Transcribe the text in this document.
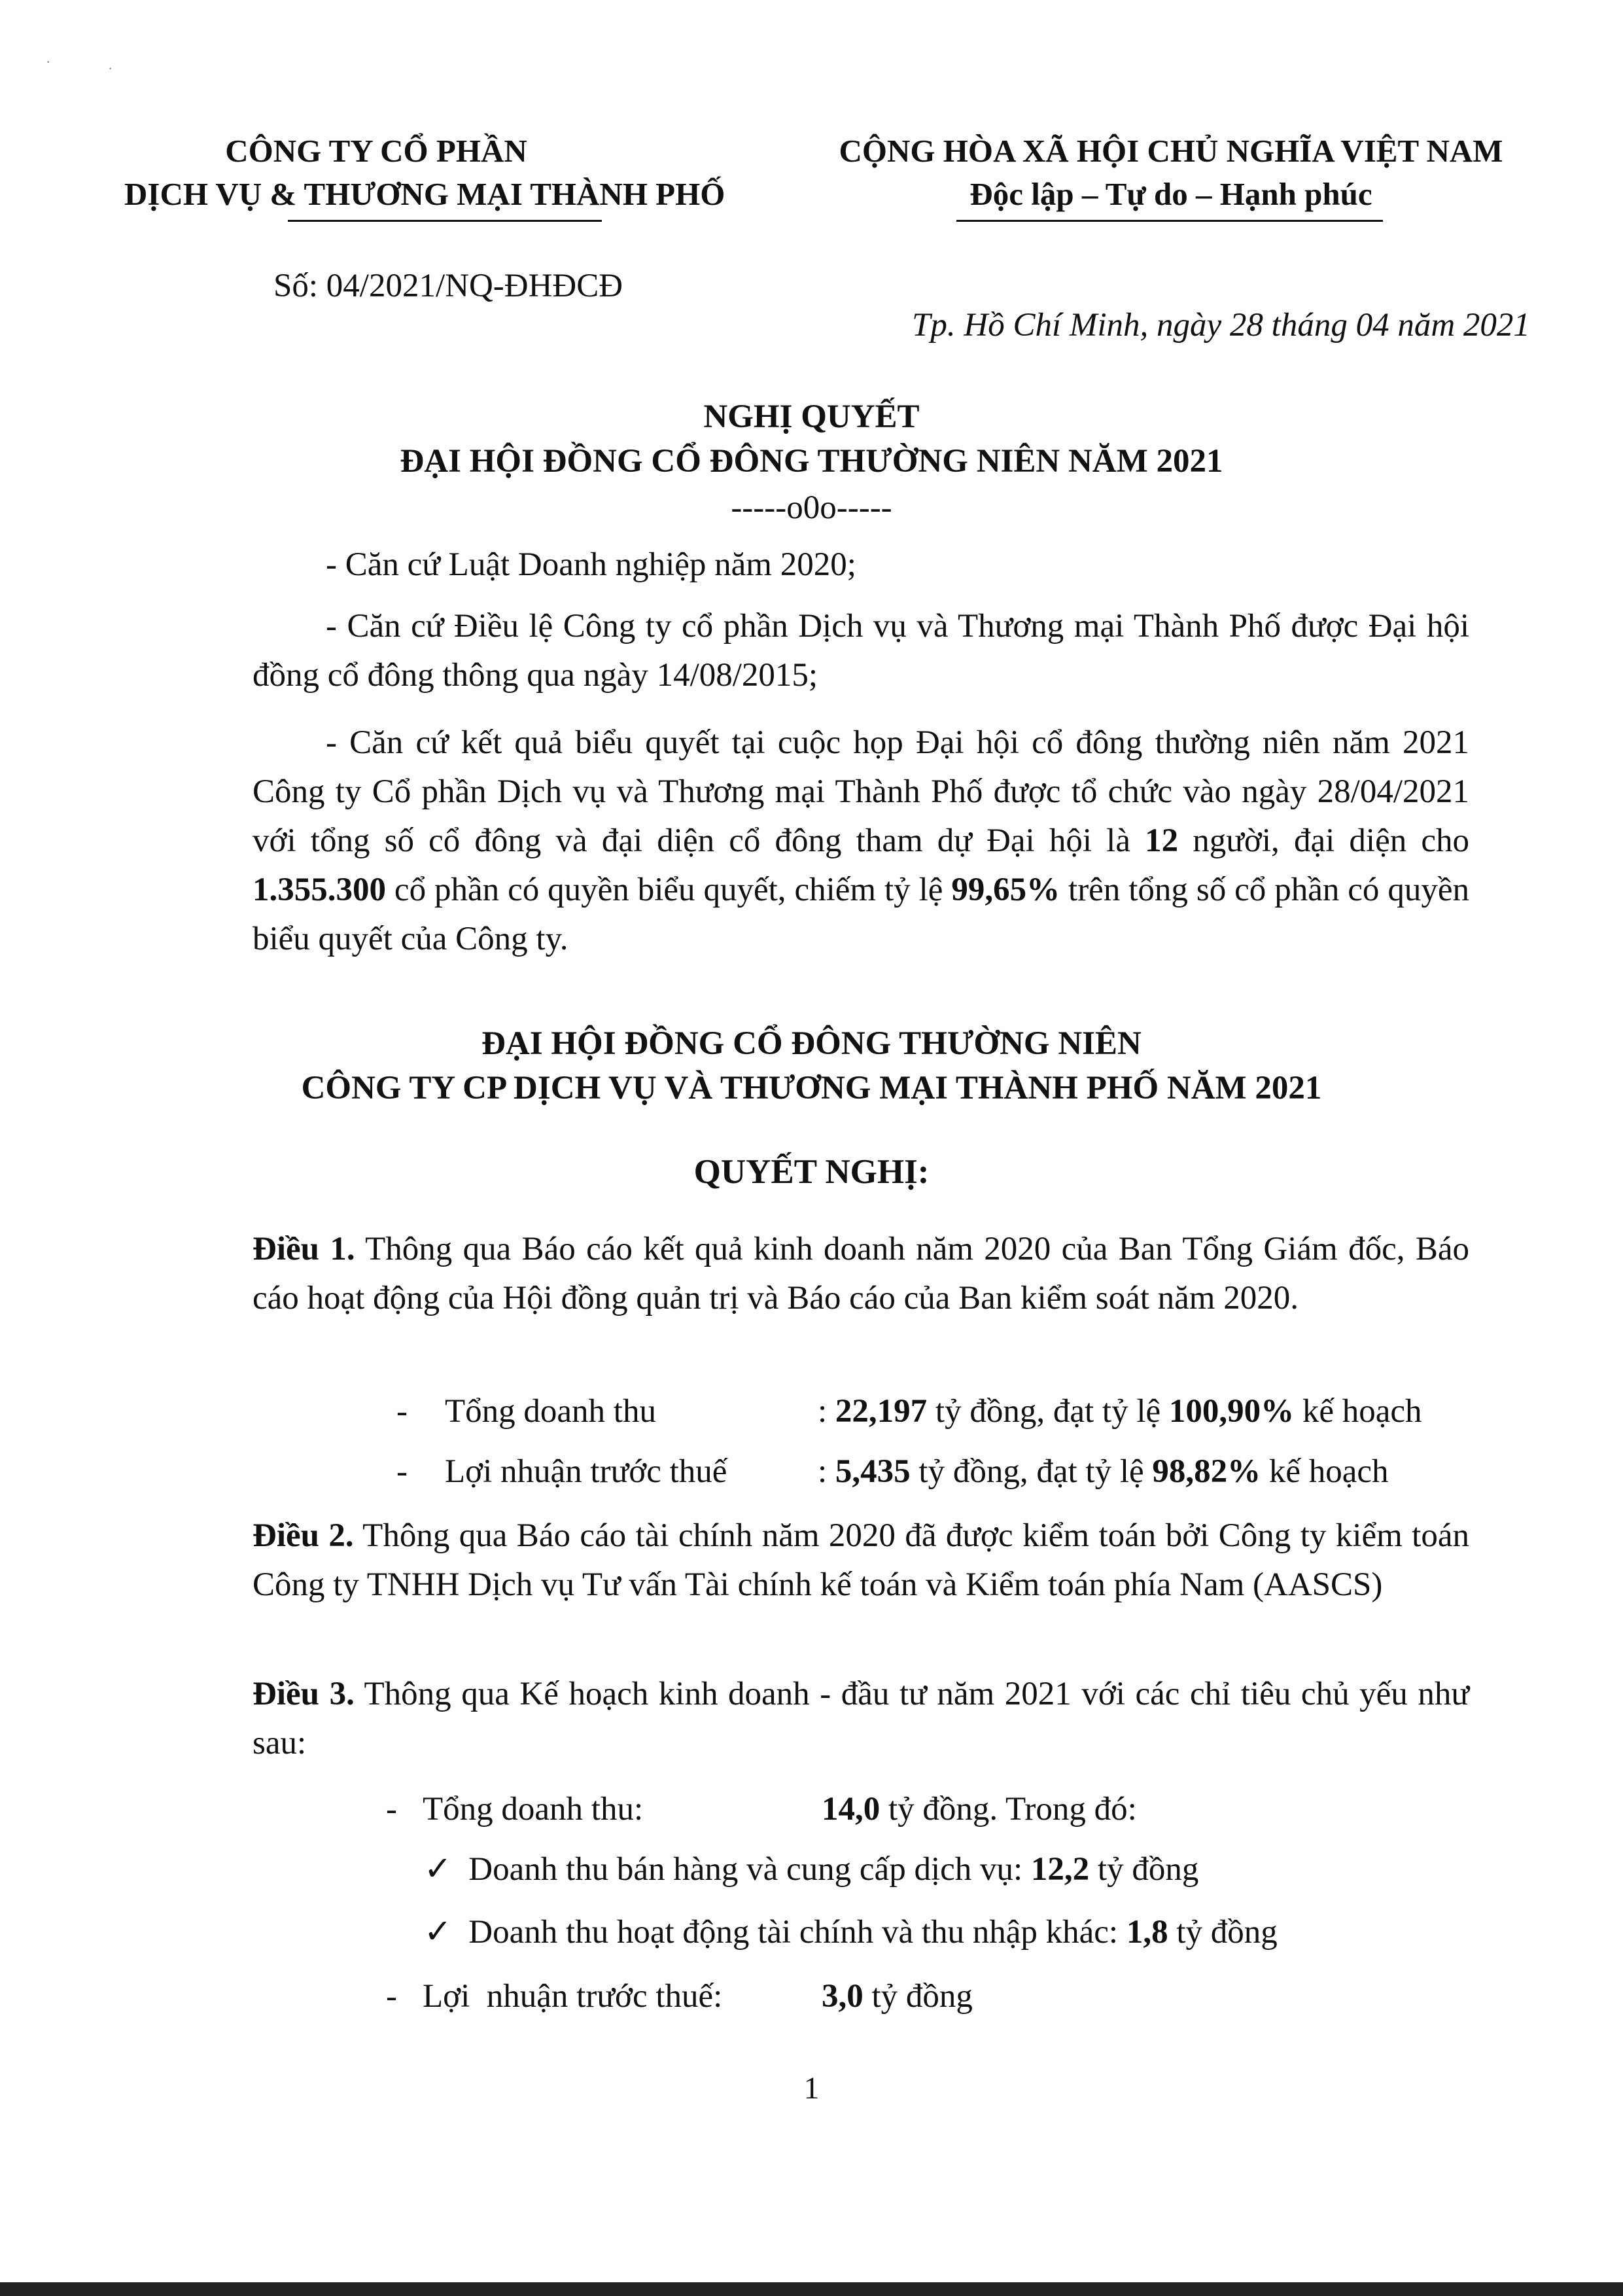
·	·
CÔNG TY CỔ PHẦN
DỊCH VỤ & THƯƠNG MẠI THÀNH PHỐ
CỘNG HÒA XÃ HỘI CHỦ NGHĨA VIỆT NAM
Độc lập – Tự do – Hạnh phúc
Số: 04/2021/NQ-ĐHĐCĐ
Tp. Hồ Chí Minh, ngày 28 tháng 04 năm 2021
NGHỊ QUYẾT
ĐẠI HỘI ĐỒNG CỔ ĐÔNG THƯỜNG NIÊN NĂM 2021
-----o0o-----
- Căn cứ Luật Doanh nghiệp năm 2020;
- Căn cứ Điều lệ Công ty cổ phần Dịch vụ và Thương mại Thành Phố được Đại hội đồng cổ đông thông qua ngày 14/08/2015;
- Căn cứ kết quả biểu quyết tại cuộc họp Đại hội cổ đông thường niên năm 2021 Công ty Cổ phần Dịch vụ và Thương mại Thành Phố được tổ chức vào ngày 28/04/2021 với tổng số cổ đông và đại diện cổ đông tham dự Đại hội là 12 người, đại diện cho 1.355.300 cổ phần có quyền biểu quyết, chiếm tỷ lệ 99,65% trên tổng số cổ phần có quyền biểu quyết của Công ty.
ĐẠI HỘI ĐỒNG CỔ ĐÔNG THƯỜNG NIÊN
CÔNG TY CP DỊCH VỤ VÀ THƯƠNG MẠI THÀNH PHỐ NĂM 2021
QUYẾT NGHỊ:
Điều 1. Thông qua Báo cáo kết quả kinh doanh năm 2020 của Ban Tổng Giám đốc, Báo cáo hoạt động của Hội đồng quản trị và Báo cáo của Ban kiểm soát năm 2020.
- Tổng doanh thu	: 22,197 tỷ đồng, đạt tỷ lệ 100,90% kế hoạch
- Lợi nhuận trước thuế	: 5,435 tỷ đồng, đạt tỷ lệ 98,82% kế hoạch
Điều 2. Thông qua Báo cáo tài chính năm 2020 đã được kiểm toán bởi Công ty kiểm toán Công ty TNHH Dịch vụ Tư vấn Tài chính kế toán và Kiểm toán phía Nam (AASCS)
Điều 3. Thông qua Kế hoạch kinh doanh - đầu tư năm 2021 với các chỉ tiêu chủ yếu như sau:
- Tổng doanh thu:	14,0 tỷ đồng. Trong đó:
✓ Doanh thu bán hàng và cung cấp dịch vụ: 12,2 tỷ đồng
✓ Doanh thu hoạt động tài chính và thu nhập khác: 1,8 tỷ đồng
- Lợi  nhuận trước thuế:	3,0 tỷ đồng
1
